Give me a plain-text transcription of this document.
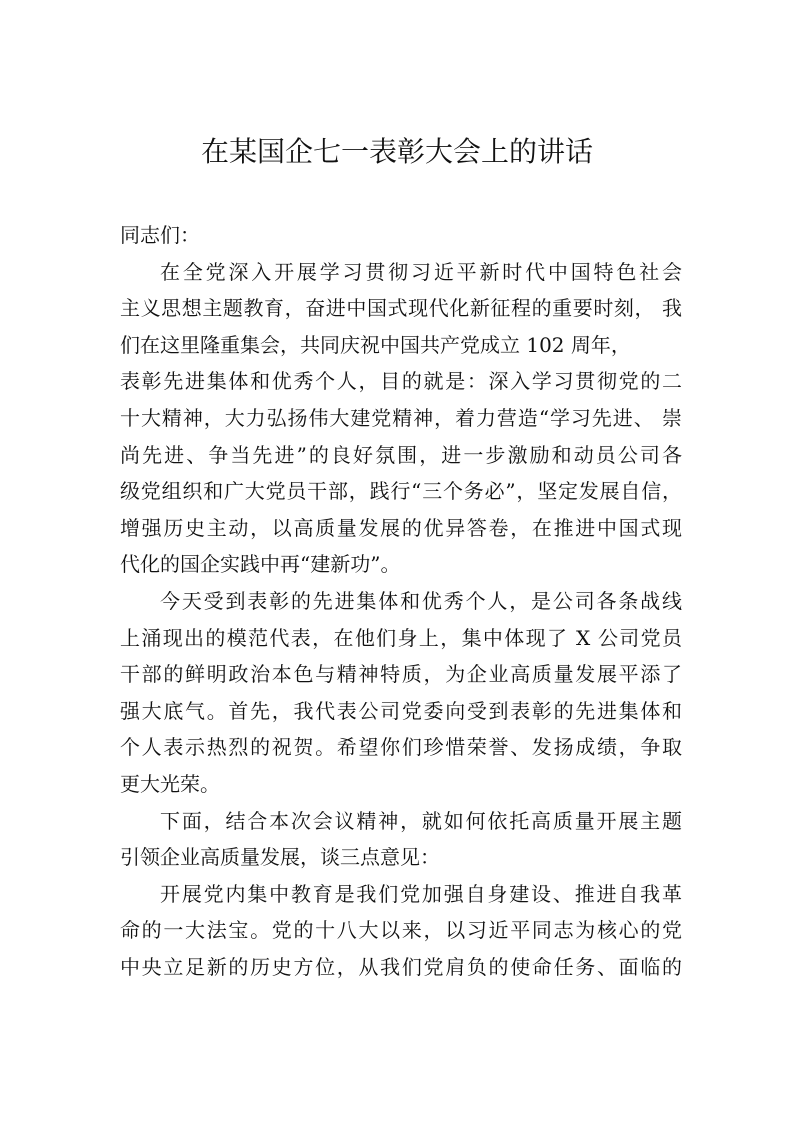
在某国企七一表彰大会上的讲话

同志们：

在全党深入开展学习贯彻习近平新时代中国特色社会
主义思想主题教育，奋进中国式现代化新征程的重要时刻， 我
们在这里隆重集会，共同庆祝中国共产党成立 102 周年，
表彰先进集体和优秀个人，目的就是：深入学习贯彻党的二
十大精神，大力弘扬伟大建党精神，着力营造“学习先进、 崇
尚先进、争当先进”的良好氛围，进一步激励和动员公司各
级党组织和广大党员干部，践行“三个务必”，坚定发展自信，
增强历史主动，以高质量发展的优异答卷，在推进中国式现
代化的国企实践中再“建新功”。

今天受到表彰的先进集体和优秀个人，是公司各条战线
上涌现出的模范代表，在他们身上，集中体现了 X 公司党员
干部的鲜明政治本色与精神特质，为企业高质量发展平添了
强大底气。首先，我代表公司党委向受到表彰的先进集体和
个人表示热烈的祝贺。希望你们珍惜荣誉、发扬成绩，争取
更大光荣。

下面，结合本次会议精神，就如何依托高质量开展主题
引领企业高质量发展，谈三点意见：

开展党内集中教育是我们党加强自身建设、推进自我革
命的一大法宝。党的十八大以来，以习近平同志为核心的党
中央立足新的历史方位，从我们党肩负的使命任务、面临的
